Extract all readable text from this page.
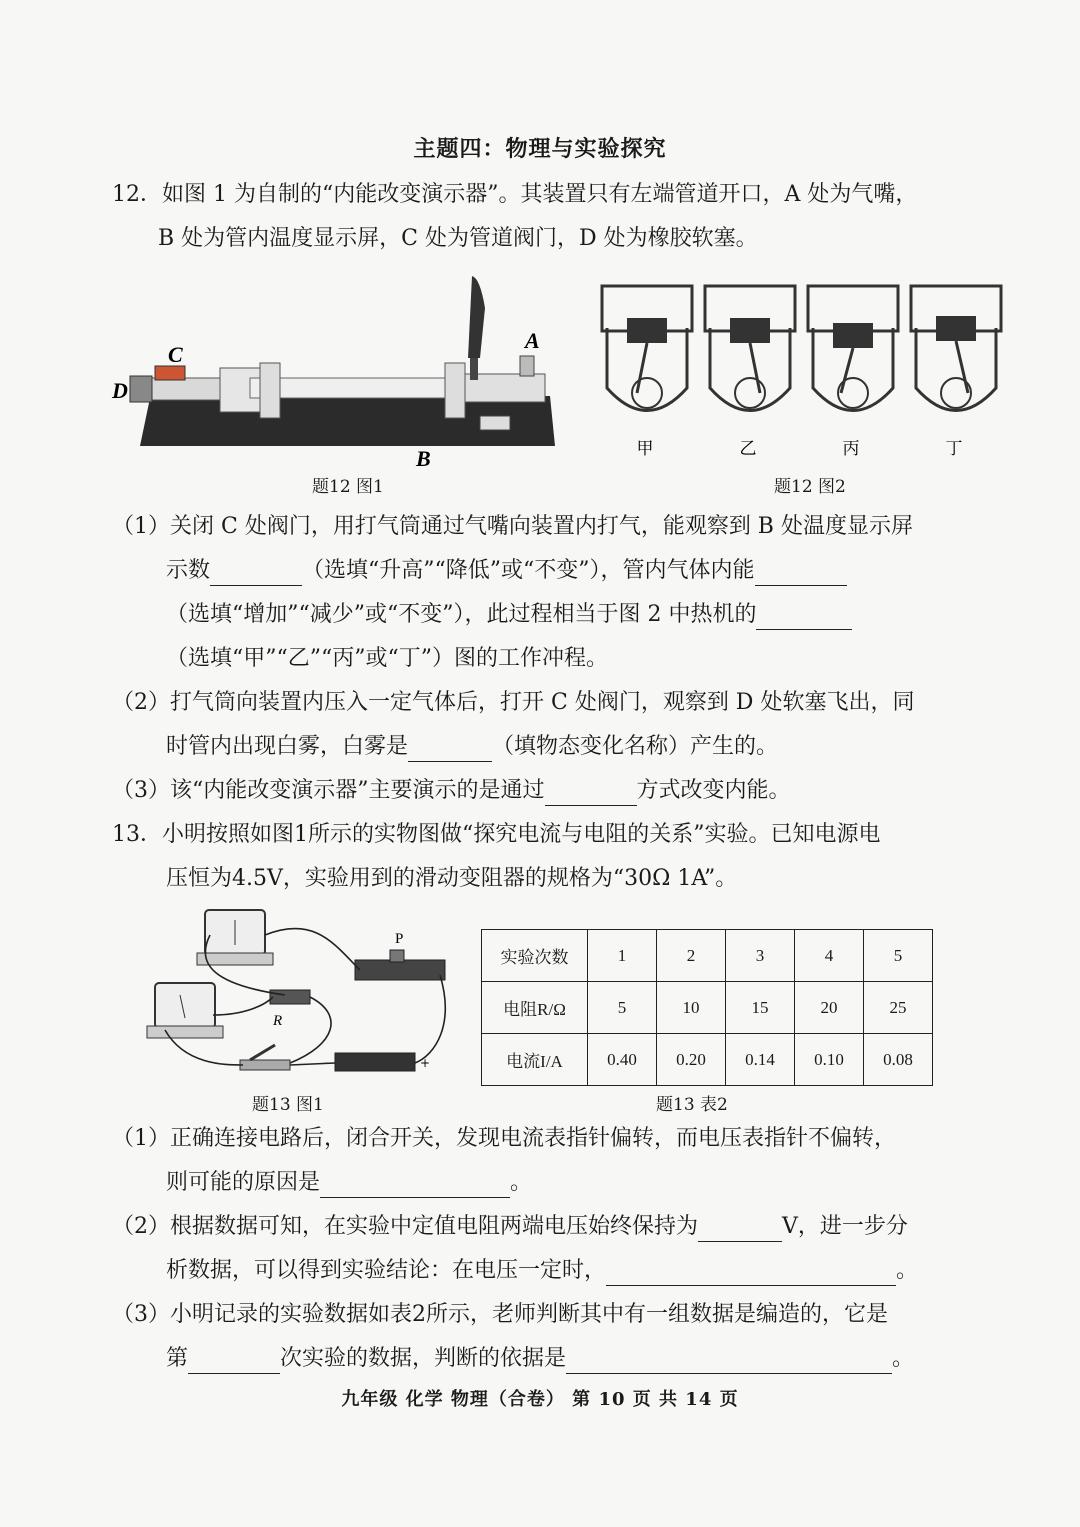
主题四：物理与实验探究
12．如图 1 为自制的“内能改变演示器”。其装置只有左端管道开口，A 处为气嘴，
B 处为管内温度显示屏，C 处为管道阀门，D 处为橡胶软塞。
D
C
A
B
题12 图1
甲	乙	丙	丁
题12 图2
（1）关闭 C 处阀门，用打气筒通过气嘴向装置内打气，能观察到 B 处温度显示屏
示数	（选填“升高”“降低”或“不变”），管内气体内能
（选填“增加”“减少”或“不变”），此过程相当于图 2 中热机的
（选填“甲”“乙”“丙”或“丁”）图的工作冲程。
（2）打气筒向装置内压入一定气体后，打开 C 处阀门，观察到 D 处软塞飞出，同
时管内出现白雾，白雾是	（填物态变化名称）产生的。
（3）该“内能改变演示器”主要演示的是通过	方式改变内能。
13．小明按照如图1所示的实物图做“探究电流与电阻的关系”实验。已知电源电
压恒为4.5V，实验用到的滑动变阻器的规格为“30Ω 1A”。
R
P
−	+
题13 图1
实验次数	1	2	3	4	5
电阻R/Ω	5	10	15	20	25
电流I/A	0.40	0.20	0.14	0.10	0.08
题13 表2
（1）正确连接电路后，闭合开关，发现电流表指针偏转，而电压表指针不偏转，
则可能的原因是	。
（2）根据数据可知，在实验中定值电阻两端电压始终保持为	V，进一步分
析数据，可以得到实验结论：在电压一定时，	。
（3）小明记录的实验数据如表2所示，老师判断其中有一组数据是编造的，它是
第	次实验的数据，判断的依据是	。
九年级 化学 物理（合卷） 第 10 页 共 14 页
